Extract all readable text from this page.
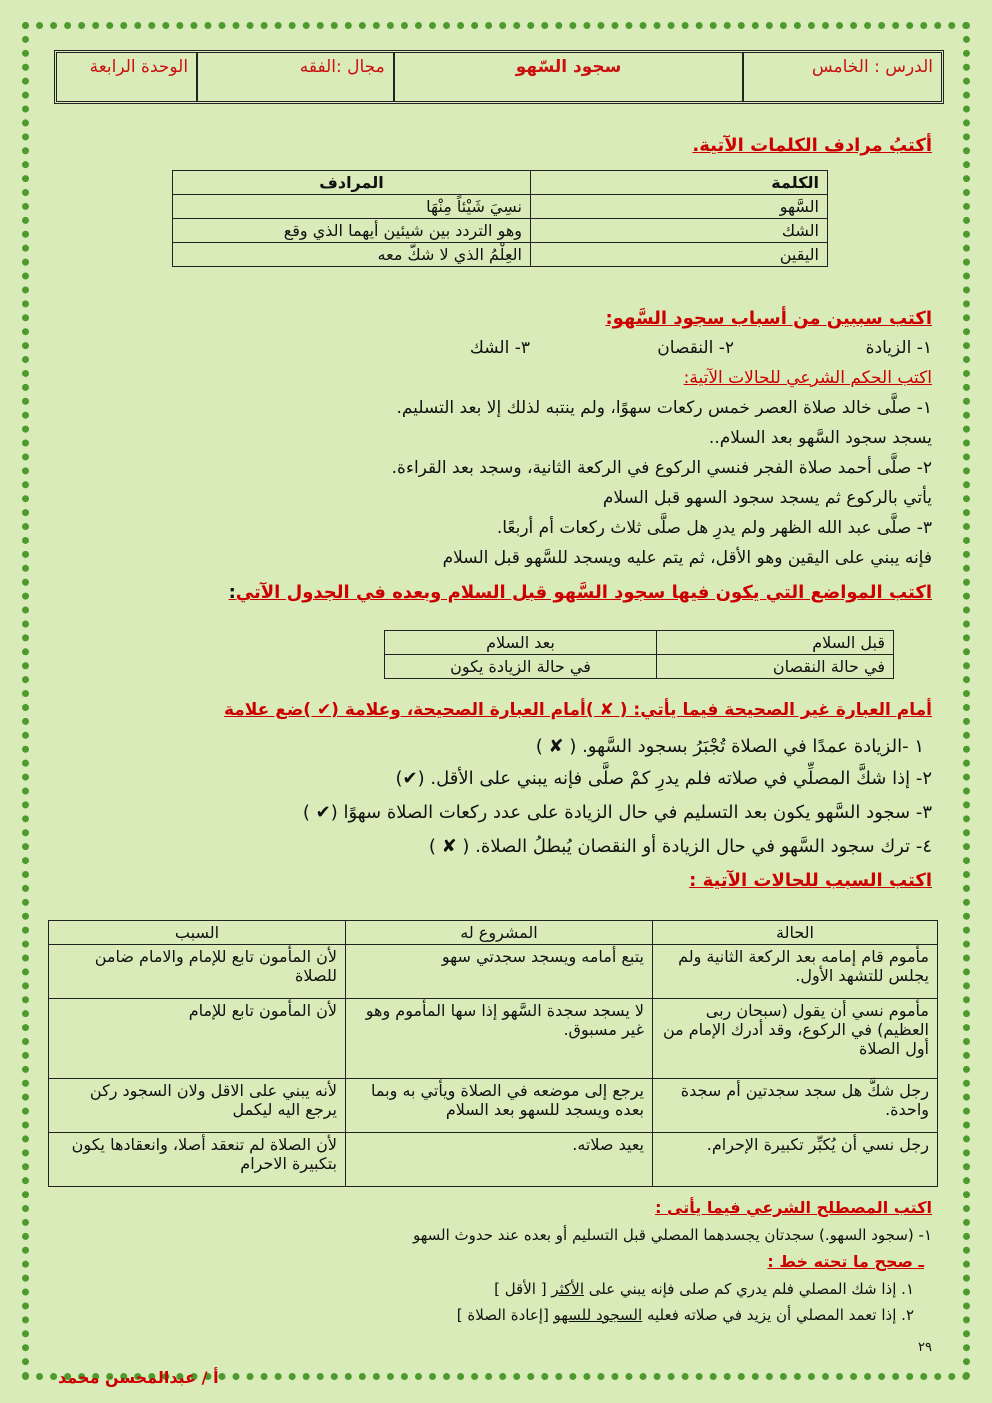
الدرس : الخامس
سجود السّهو
مجال :الفقه
الوحدة الرابعة
أكتبُ مرادف الكلمات الآتية.
الكلمة	المرادف
السَّهو	نسِيَ شَيْئاً مِنْهَا
الشك	وهو التردد بين شيئين أيهما الذي وقع
اليقين	العِلْمُ الذي لا شكّ معه
اكتب سببين من أسباب سجود السَّهو:
١- الزيادة
٢- النقصان
٣- الشك
اكتب الحكم الشرعي للحالات الآتية:
١- صلَّى خالد صلاة العصر خمس ركعات سهوًا، ولم ينتبه لذلك إلا بعد التسليم.
يسجد سجود السَّهو بعد السلام..
٢- صلَّى أحمد صلاة الفجر فنسي الركوع في الركعة الثانية، وسجد بعد القراءة.
يأتي بالركوع ثم يسجد سجود السهو قبل السلام
٣- صلَّى عبد الله الظهر ولم يدرِ هل صلَّى ثلاث ركعات أم أربعًا.
فإنه يبني على اليقين وهو الأقل، ثم يتم عليه ويسجد للسَّهو قبل السلام
اكتب المواضع التي يكون فيها سجود السَّهو قبل السلام وبعده في الجدول الآتي:
قبل السلام	بعد السلام
في حالة النقصان	في حالة الزيادة يكون
أمام العبارة غير الصحيحة فيما يأتي: ( ✘ )أمام العبارة الصحيحة، وعلامة (✔ )ضع علامة
١ -الزيادة عمدًا في الصلاة تُجْبَرُ بسجود السَّهو. ( ✘ )
٢- إذا شكَّ المصلِّي في صلاته فلم يدرِ كمْ صلَّى فإنه يبني على الأقل. (✔)
٣- سجود السَّهو يكون بعد التسليم في حال الزيادة على عدد ركعات الصلاة سهوًا (✔ )
٤- ترك سجود السَّهو في حال الزيادة أو النقصان يُبطلُ الصلاة. ( ✘ )
اكتب السبب للحالات الآتية :
الحالة	المشروع له	السبب
مأموم قام إمامه بعد الركعة الثانية ولم يجلس للتشهد الأول.	يتبع أمامه ويسجد سجدتي سهو	لأن المأمون تابع للإمام والامام ضامن للصلاة
مأموم نسي أن يقول (سبحان ربى العظيم) في الركوع، وقد أدرك الإمام من أول الصلاة	لا يسجد سجدة السَّهو إذا سها المأموم وهو غير مسبوق.	لأن المأمون تابع للإمام
رجل شكَّ هل سجد سجدتين أم سجدة واحدة.	يرجع إلى موضعه في الصلاة ويأتي به وبما بعده ويسجد للسهو بعد السلام	لأنه يبني على الاقل ولان السجود ركن يرجع اليه ليكمل
رجل نسي أن يُكبِّر تكبيرة الإحرام.	يعيد صلاته.	لأن الصلاة لم تنعقد أصلا، وانعقادها يكون بتكبيرة الاحرام
اكتب المصطلح الشرعي فيما يأتى :
١- (سجود السهو.) سجدتان يجسدهما المصلي قبل التسليم أو بعده عند حدوث السهو
ـ صحح ما تحته خط :
١. إذا شك المصلي فلم يدري كم صلى فإنه يبني على الأكثر [ الأقل ]
٢. إذا تعمد المصلي أن يزيد في صلاته فعليه السجود للسهو [إعادة الصلاة ]
٢٩
أ / عبدالمحسن محمد
